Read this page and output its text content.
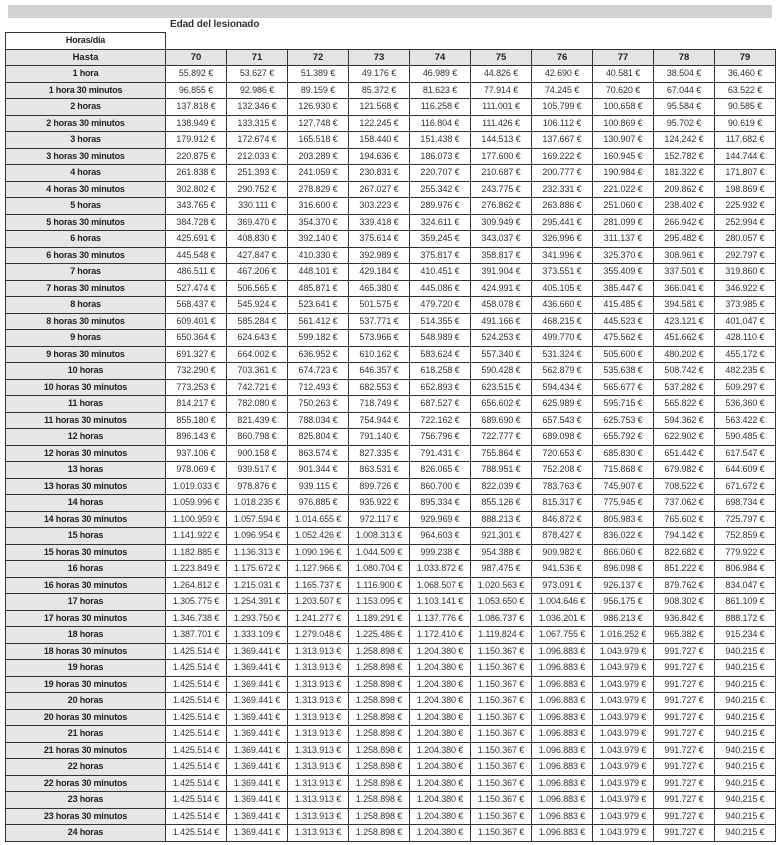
Edad del lesionado
Horas/día										
Hasta	70	71	72	73	74	75	76	77	78	79
1 hora	55.892 €	53.627 €	51.389 €	49.176 €	46.989 €	44.826 €	42.690 €	40.581 €	38.504 €	36.460 €
1 hora 30 minutos	96.855 €	92.986 €	89.159 €	85.372 €	81.623 €	77.914 €	74.245 €	70.620 €	67.044 €	63.522 €
2 horas	137.818 €	132.346 €	126.930 €	121.568 €	116.258 €	111.001 €	105.799 €	100.658 €	95.584 €	90.585 €
2 horas 30 minutos	138.949 €	133.315 €	127.748 €	122.245 €	116.804 €	111.426 €	106.112 €	100.869 €	95.702 €	90.619 €
3 horas	179.912 €	172.674 €	165.518 €	158.440 €	151.438 €	144.513 €	137.667 €	130.907 €	124.242 €	117.682 €
3 horas 30 minutos	220.875 €	212.033 €	203.289 €	194.636 €	186.073 €	177.600 €	169.222 €	160.945 €	152.782 €	144.744 €
4 horas	261.838 €	251.393 €	241.059 €	230.831 €	220.707 €	210.687 €	200.777 €	190.984 €	181.322 €	171.807 €
4 horas 30 minutos	302.802 €	290.752 €	278.829 €	267.027 €	255.342 €	243.775 €	232.331 €	221.022 €	209.862 €	198.869 €
5 horas	343.765 €	330.111 €	316.600 €	303.223 €	289.976 €	276.862 €	263.886 €	251.060 €	238.402 €	225.932 €
5 horas 30 minutos	384.728 €	369.470 €	354.370 €	339.418 €	324.611 €	309.949 €	295.441 €	281.099 €	266.942 €	252.994 €
6 horas	425.691 €	408.830 €	392.140 €	375.614 €	359.245 €	343.037 €	326.996 €	311.137 €	295.482 €	280.057 €
6 horas 30 minutos	445.548 €	427.847 €	410.330 €	392.989 €	375.817 €	358.817 €	341.996 €	325.370 €	308.961 €	292.797 €
7 horas	486.511 €	467.206 €	448.101 €	429.184 €	410.451 €	391.904 €	373.551 €	355.409 €	337.501 €	319.860 €
7 horas 30 minutos	527.474 €	506.565 €	485.871 €	465.380 €	445.086 €	424.991 €	405.105 €	385.447 €	366.041 €	346.922 €
8 horas	568.437 €	545.924 €	523.641 €	501.575 €	479.720 €	458.078 €	436.660 €	415.485 €	394.581 €	373.985 €
8 horas 30 minutos	609.401 €	585.284 €	561.412 €	537.771 €	514.355 €	491.166 €	468.215 €	445.523 €	423.121 €	401.047 €
9 horas	650.364 €	624.643 €	599.182 €	573.966 €	548.989 €	524.253 €	499.770 €	475.562 €	451.662 €	428.110 €
9 horas 30 minutos	691.327 €	664.002 €	636.952 €	610.162 €	583.624 €	557.340 €	531.324 €	505.600 €	480.202 €	455.172 €
10 horas	732.290 €	703.361 €	674.723 €	646.357 €	618.258 €	590.428 €	562.879 €	535.638 €	508.742 €	482.235 €
10 horas 30 minutos	773.253 €	742.721 €	712.493 €	682.553 €	652.893 €	623.515 €	594.434 €	565.677 €	537.282 €	509.297 €
11 horas	814.217 €	782.080 €	750.263 €	718.749 €	687.527 €	656.602 €	625.989 €	595.715 €	565.822 €	536.360 €
11 horas 30 minutos	855.180 €	821.439 €	788.034 €	754.944 €	722.162 €	689.690 €	657.543 €	625.753 €	594.362 €	563.422 €
12 horas	896.143 €	860.798 €	825.804 €	791.140 €	756.796 €	722.777 €	689.098 €	655.792 €	622.902 €	590.485 €
12 horas 30 minutos	937.106 €	900.158 €	863.574 €	827.335 €	791.431 €	755.864 €	720.653 €	685.830 €	651.442 €	617.547 €
13 horas	978.069 €	939.517 €	901.344 €	863.531 €	826.065 €	788.951 €	752.208 €	715.868 €	679.982 €	644.609 €
13 horas 30 minutos	1.019.033 €	978.876 €	939.115 €	899.726 €	860.700 €	822.039 €	783.763 €	745.907 €	708.522 €	671.672 €
14 horas	1.059.996 €	1.018.235 €	976.885 €	935.922 €	895.334 €	855.126 €	815.317 €	775.945 €	737.062 €	698.734 €
14 horas 30 minutos	1.100.959 €	1.057.594 €	1.014.655 €	972.117 €	929.969 €	888.213 €	846.872 €	805.983 €	765.602 €	725.797 €
15 horas	1.141.922 €	1.096.954 €	1.052.426 €	1.008.313 €	964.603 €	921.301 €	878.427 €	836.022 €	794.142 €	752.859 €
15 horas 30 minutos	1.182.885 €	1.136.313 €	1.090.196 €	1.044.509 €	999.238 €	954.388 €	909.982 €	866.060 €	822.682 €	779.922 €
16 horas	1.223.849 €	1.175.672 €	1.127.966 €	1.080.704 €	1.033.872 €	987.475 €	941.536 €	896.098 €	851.222 €	806.984 €
16 horas 30 minutos	1.264.812 €	1.215.031 €	1.165.737 €	1.116.900 €	1.068.507 €	1.020.563 €	973.091 €	926.137 €	879.762 €	834.047 €
17 horas	1.305.775 €	1.254.391 €	1.203.507 €	1.153.095 €	1.103.141 €	1.053.650 €	1.004.646 €	956.175 €	908.302 €	861.109 €
17 horas 30 minutos	1.346.738 €	1.293.750 €	1.241.277 €	1.189.291 €	1.137.776 €	1.086.737 €	1.036.201 €	986.213 €	936.842 €	888.172 €
18 horas	1.387.701 €	1.333.109 €	1.279.048 €	1.225.486 €	1.172.410 €	1.119.824 €	1.067.755 €	1.016.252 €	965.382 €	915.234 €
18 horas 30 minutos	1.425.514 €	1.369.441 €	1.313.913 €	1.258.898 €	1.204.380 €	1.150.367 €	1.096.883 €	1.043.979 €	991.727 €	940.215 €
19 horas	1.425.514 €	1.369.441 €	1.313.913 €	1.258.898 €	1.204.380 €	1.150.367 €	1.096.883 €	1.043.979 €	991.727 €	940.215 €
19 horas 30 minutos	1.425.514 €	1.369.441 €	1.313.913 €	1.258.898 €	1.204.380 €	1.150.367 €	1.096.883 €	1.043.979 €	991.727 €	940.215 €
20 horas	1.425.514 €	1.369.441 €	1.313.913 €	1.258.898 €	1.204.380 €	1.150.367 €	1.096.883 €	1.043.979 €	991.727 €	940.215 €
20 horas 30 minutos	1.425.514 €	1.369.441 €	1.313.913 €	1.258.898 €	1.204.380 €	1.150.367 €	1.096.883 €	1.043.979 €	991.727 €	940.215 €
21 horas	1.425.514 €	1.369.441 €	1.313.913 €	1.258.898 €	1.204.380 €	1.150.367 €	1.096.883 €	1.043.979 €	991.727 €	940.215 €
21 horas 30 minutos	1.425.514 €	1.369.441 €	1.313.913 €	1.258.898 €	1.204.380 €	1.150.367 €	1.096.883 €	1.043.979 €	991.727 €	940.215 €
22 horas	1.425.514 €	1.369.441 €	1.313.913 €	1.258.898 €	1.204.380 €	1.150.367 €	1.096.883 €	1.043.979 €	991.727 €	940.215 €
22 horas 30 minutos	1.425.514 €	1.369.441 €	1.313.913 €	1.258.898 €	1.204.380 €	1.150.367 €	1.096.883 €	1.043.979 €	991.727 €	940.215 €
23 horas	1.425.514 €	1.369.441 €	1.313.913 €	1.258.898 €	1.204.380 €	1.150.367 €	1.096.883 €	1.043.979 €	991.727 €	940.215 €
23 horas 30 minutos	1.425.514 €	1.369.441 €	1.313.913 €	1.258.898 €	1.204.380 €	1.150.367 €	1.096.883 €	1.043.979 €	991.727 €	940.215 €
24 horas	1.425.514 €	1.369.441 €	1.313.913 €	1.258.898 €	1.204.380 €	1.150.367 €	1.096.883 €	1.043.979 €	991.727 €	940.215 €
